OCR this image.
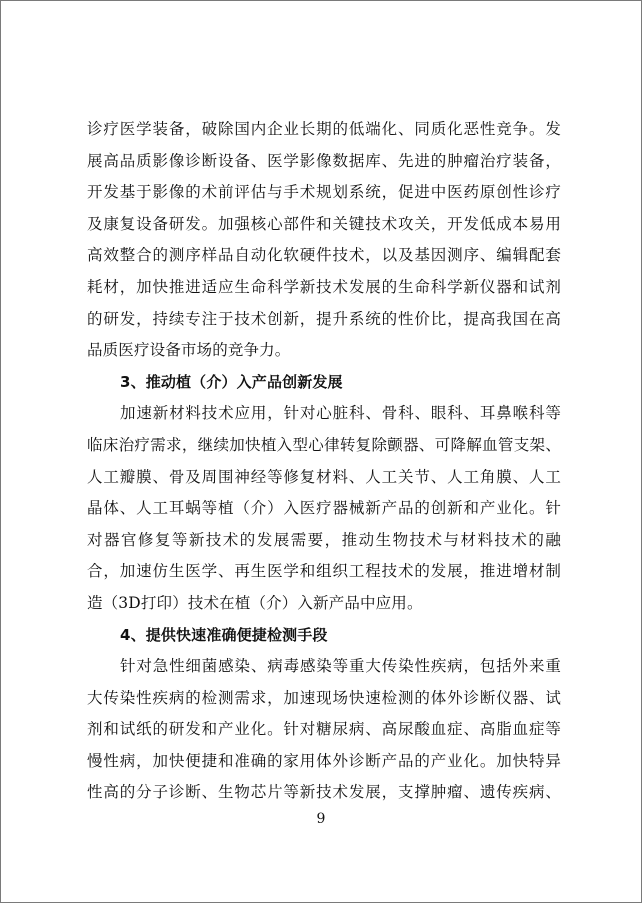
诊疗医学装备，破除国内企业长期的低端化、同质化恶性竞争。发
展高品质影像诊断设备、医学影像数据库、先进的肿瘤治疗装备，
开发基于影像的术前评估与手术规划系统，促进中医药原创性诊疗
及康复设备研发。加强核心部件和关键技术攻关，开发低成本易用
高效整合的测序样品自动化软硬件技术，以及基因测序、编辑配套
耗材，加快推进适应生命科学新技术发展的生命科学新仪器和试剂
的研发，持续专注于技术创新，提升系统的性价比，提高我国在高
品质医疗设备市场的竞争力。
3、推动植（介）入产品创新发展
加速新材料技术应用，针对心脏科、骨科、眼科、耳鼻喉科等
临床治疗需求，继续加快植入型心律转复除颤器、可降解血管支架、
人工瓣膜、骨及周围神经等修复材料、人工关节、人工角膜、人工
晶体、人工耳蜗等植（介）入医疗器械新产品的创新和产业化。针
对器官修复等新技术的发展需要，推动生物技术与材料技术的融
合，加速仿生医学、再生医学和组织工程技术的发展，推进增材制
造（3D打印）技术在植（介）入新产品中应用。
4、提供快速准确便捷检测手段
针对急性细菌感染、病毒感染等重大传染性疾病，包括外来重
大传染性疾病的检测需求，加速现场快速检测的体外诊断仪器、试
剂和试纸的研发和产业化。针对糖尿病、高尿酸血症、高脂血症等
慢性病，加快便捷和准确的家用体外诊断产品的产业化。加快特异
性高的分子诊断、生物芯片等新技术发展，支撑肿瘤、遗传疾病、
9
